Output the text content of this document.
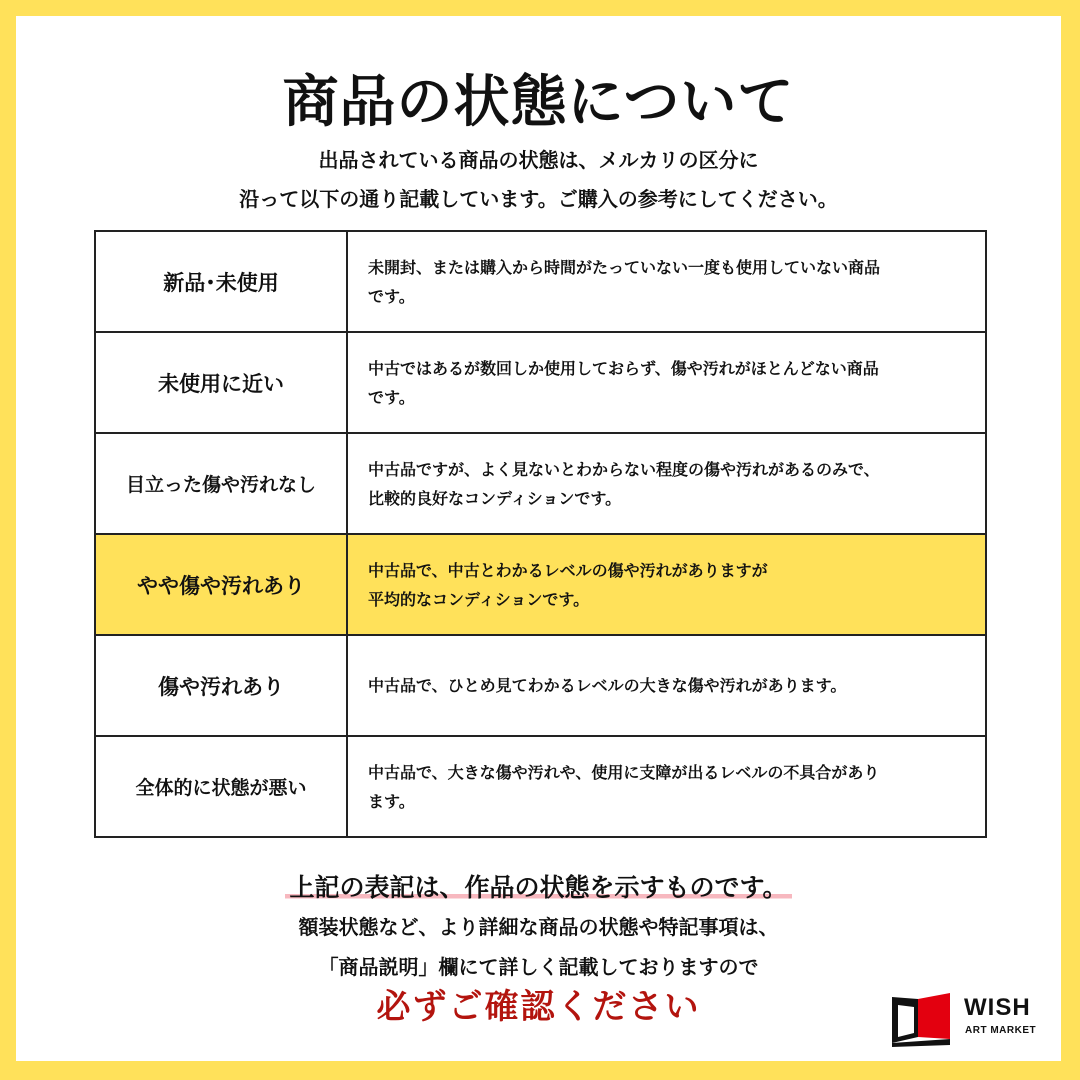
商品の状態について
出品されている商品の状態は、メルカリの区分に
沿って以下の通り記載しています。ご購入の参考にしてください。
新品･未使用	未開封、または購入から時間がたっていない一度も使用していない商品
です。

未使用に近い	中古ではあるが数回しか使用しておらず、傷や汚れがほとんどない商品
です。

目立った傷や汚れなし	中古品ですが、よく見ないとわからない程度の傷や汚れがあるのみで、
比較的良好なコンディションです。

やや傷や汚れあり	中古品で、中古とわかるレベルの傷や汚れがありますが
平均的なコンディションです。

傷や汚れあり	中古品で、ひとめ見てわかるレベルの大きな傷や汚れがあります。

全体的に状態が悪い	中古品で、大きな傷や汚れや、使用に支障が出るレベルの不具合があり
ます。
上記の表記は、作品の状態を示すものです。
額装状態など、より詳細な商品の状態や特記事項は、
「商品説明」欄にて詳しく記載しておりますので
必ずご確認ください	WISH
ART MARKET
